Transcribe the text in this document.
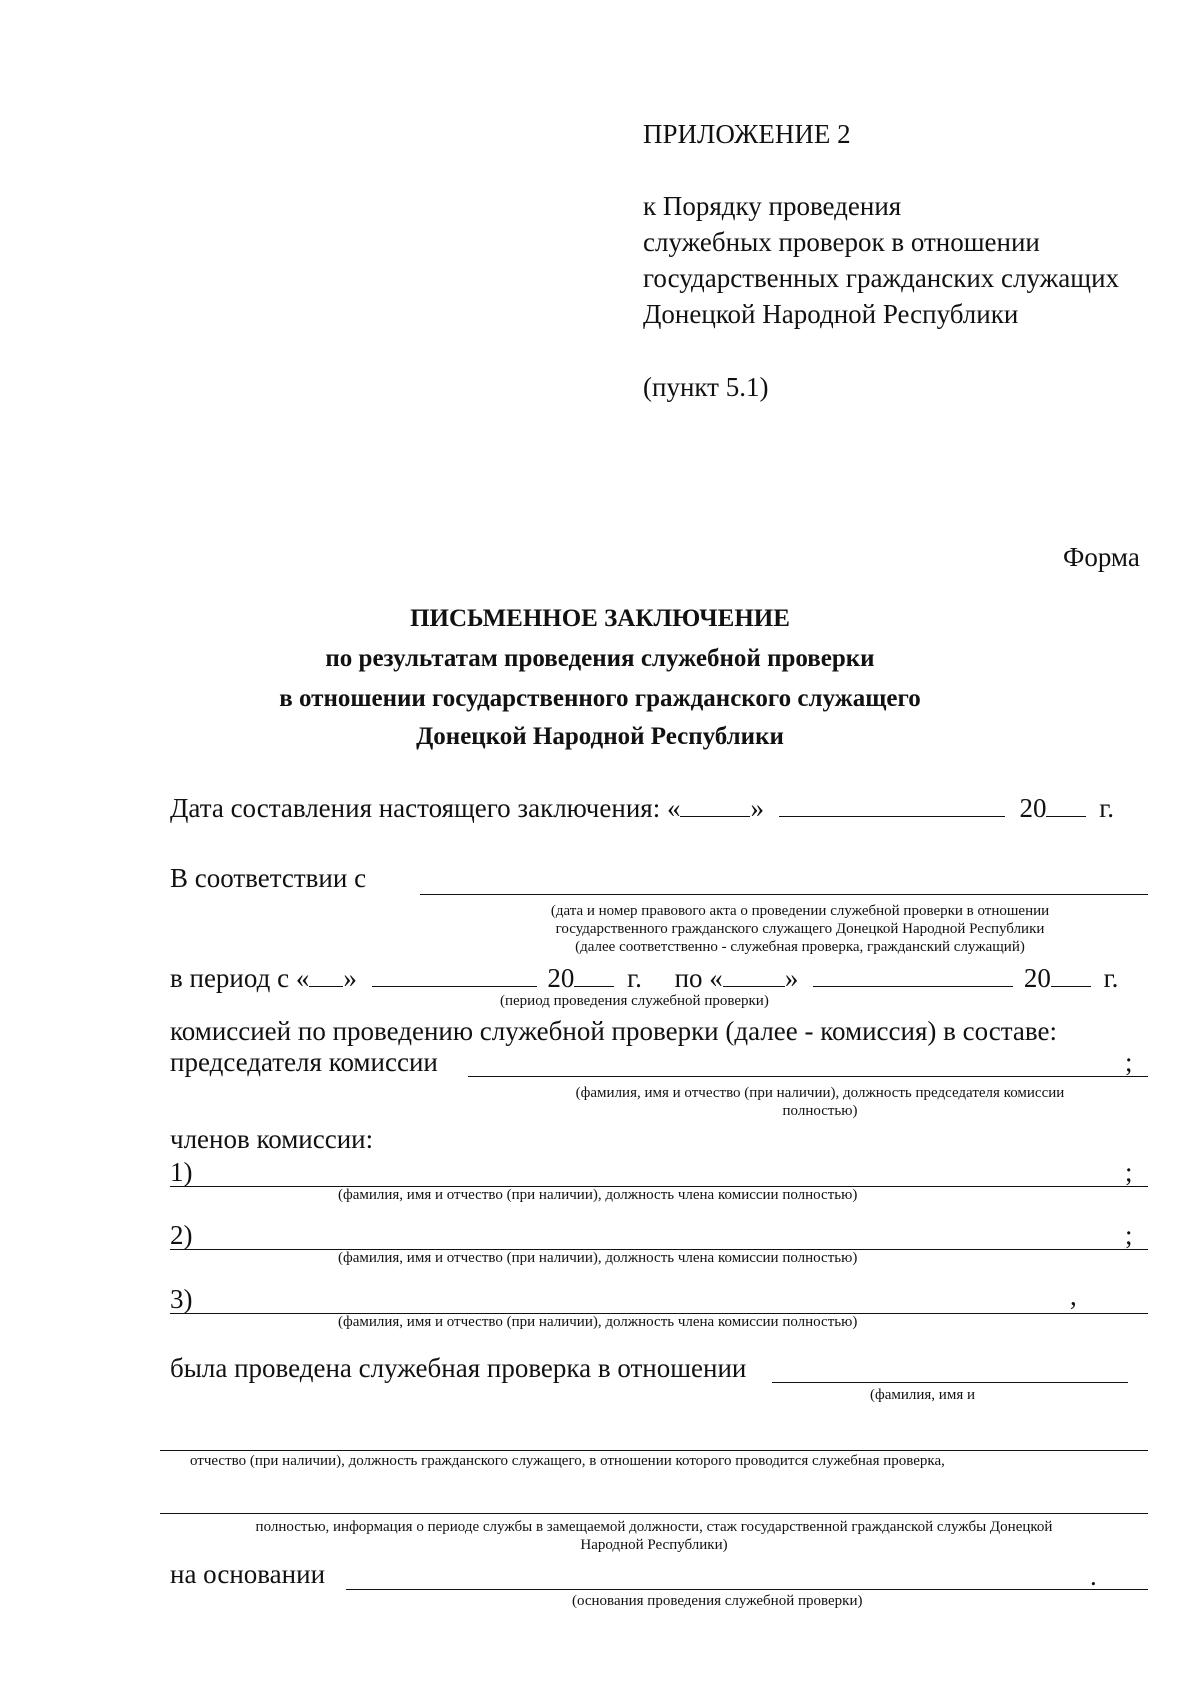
ПРИЛОЖЕНИЕ 2
к Порядку проведения
служебных проверок в отношении
государственных гражданских служащих
Донецкой Народной Республики
(пункт 5.1)
Форма
ПИСЬМЕННОЕ ЗАКЛЮЧЕНИЕ
по результатам проведения служебной проверки
в отношении государственного гражданского служащего
Донецкой Народной Республики
Дата составления настоящего заключения: «	»	20 г.
В соответствии с
(дата и номер правового акта о проведении служебной проверки в отношении
государственного гражданского служащего Донецкой Народной Республики
(далее соответственно - служебная проверка, гражданский служащий)
в период с « »	20 г. по « »	20 г.
(период проведения служебной проверки)
комиссией по проведению служебной проверки (далее - комиссия) в составе:
председателя комиссии	;
(фамилия, имя и отчество (при наличии), должность председателя комиссии
полностью)
членов комиссии:
1)	;
(фамилия, имя и отчество (при наличии), должность члена комиссии полностью)
2)	;
(фамилия, имя и отчество (при наличии), должность члена комиссии полностью)
3)	,
(фамилия, имя и отчество (при наличии), должность члена комиссии полностью)
была проведена служебная проверка в отношении
(фамилия, имя и
отчество (при наличии), должность гражданского служащего, в отношении которого проводится служебная проверка,
полностью, информация о периоде службы в замещаемой должности, стаж государственной гражданской службы Донецкой
Народной Республики)
на основании	.
(основания проведения служебной проверки)
